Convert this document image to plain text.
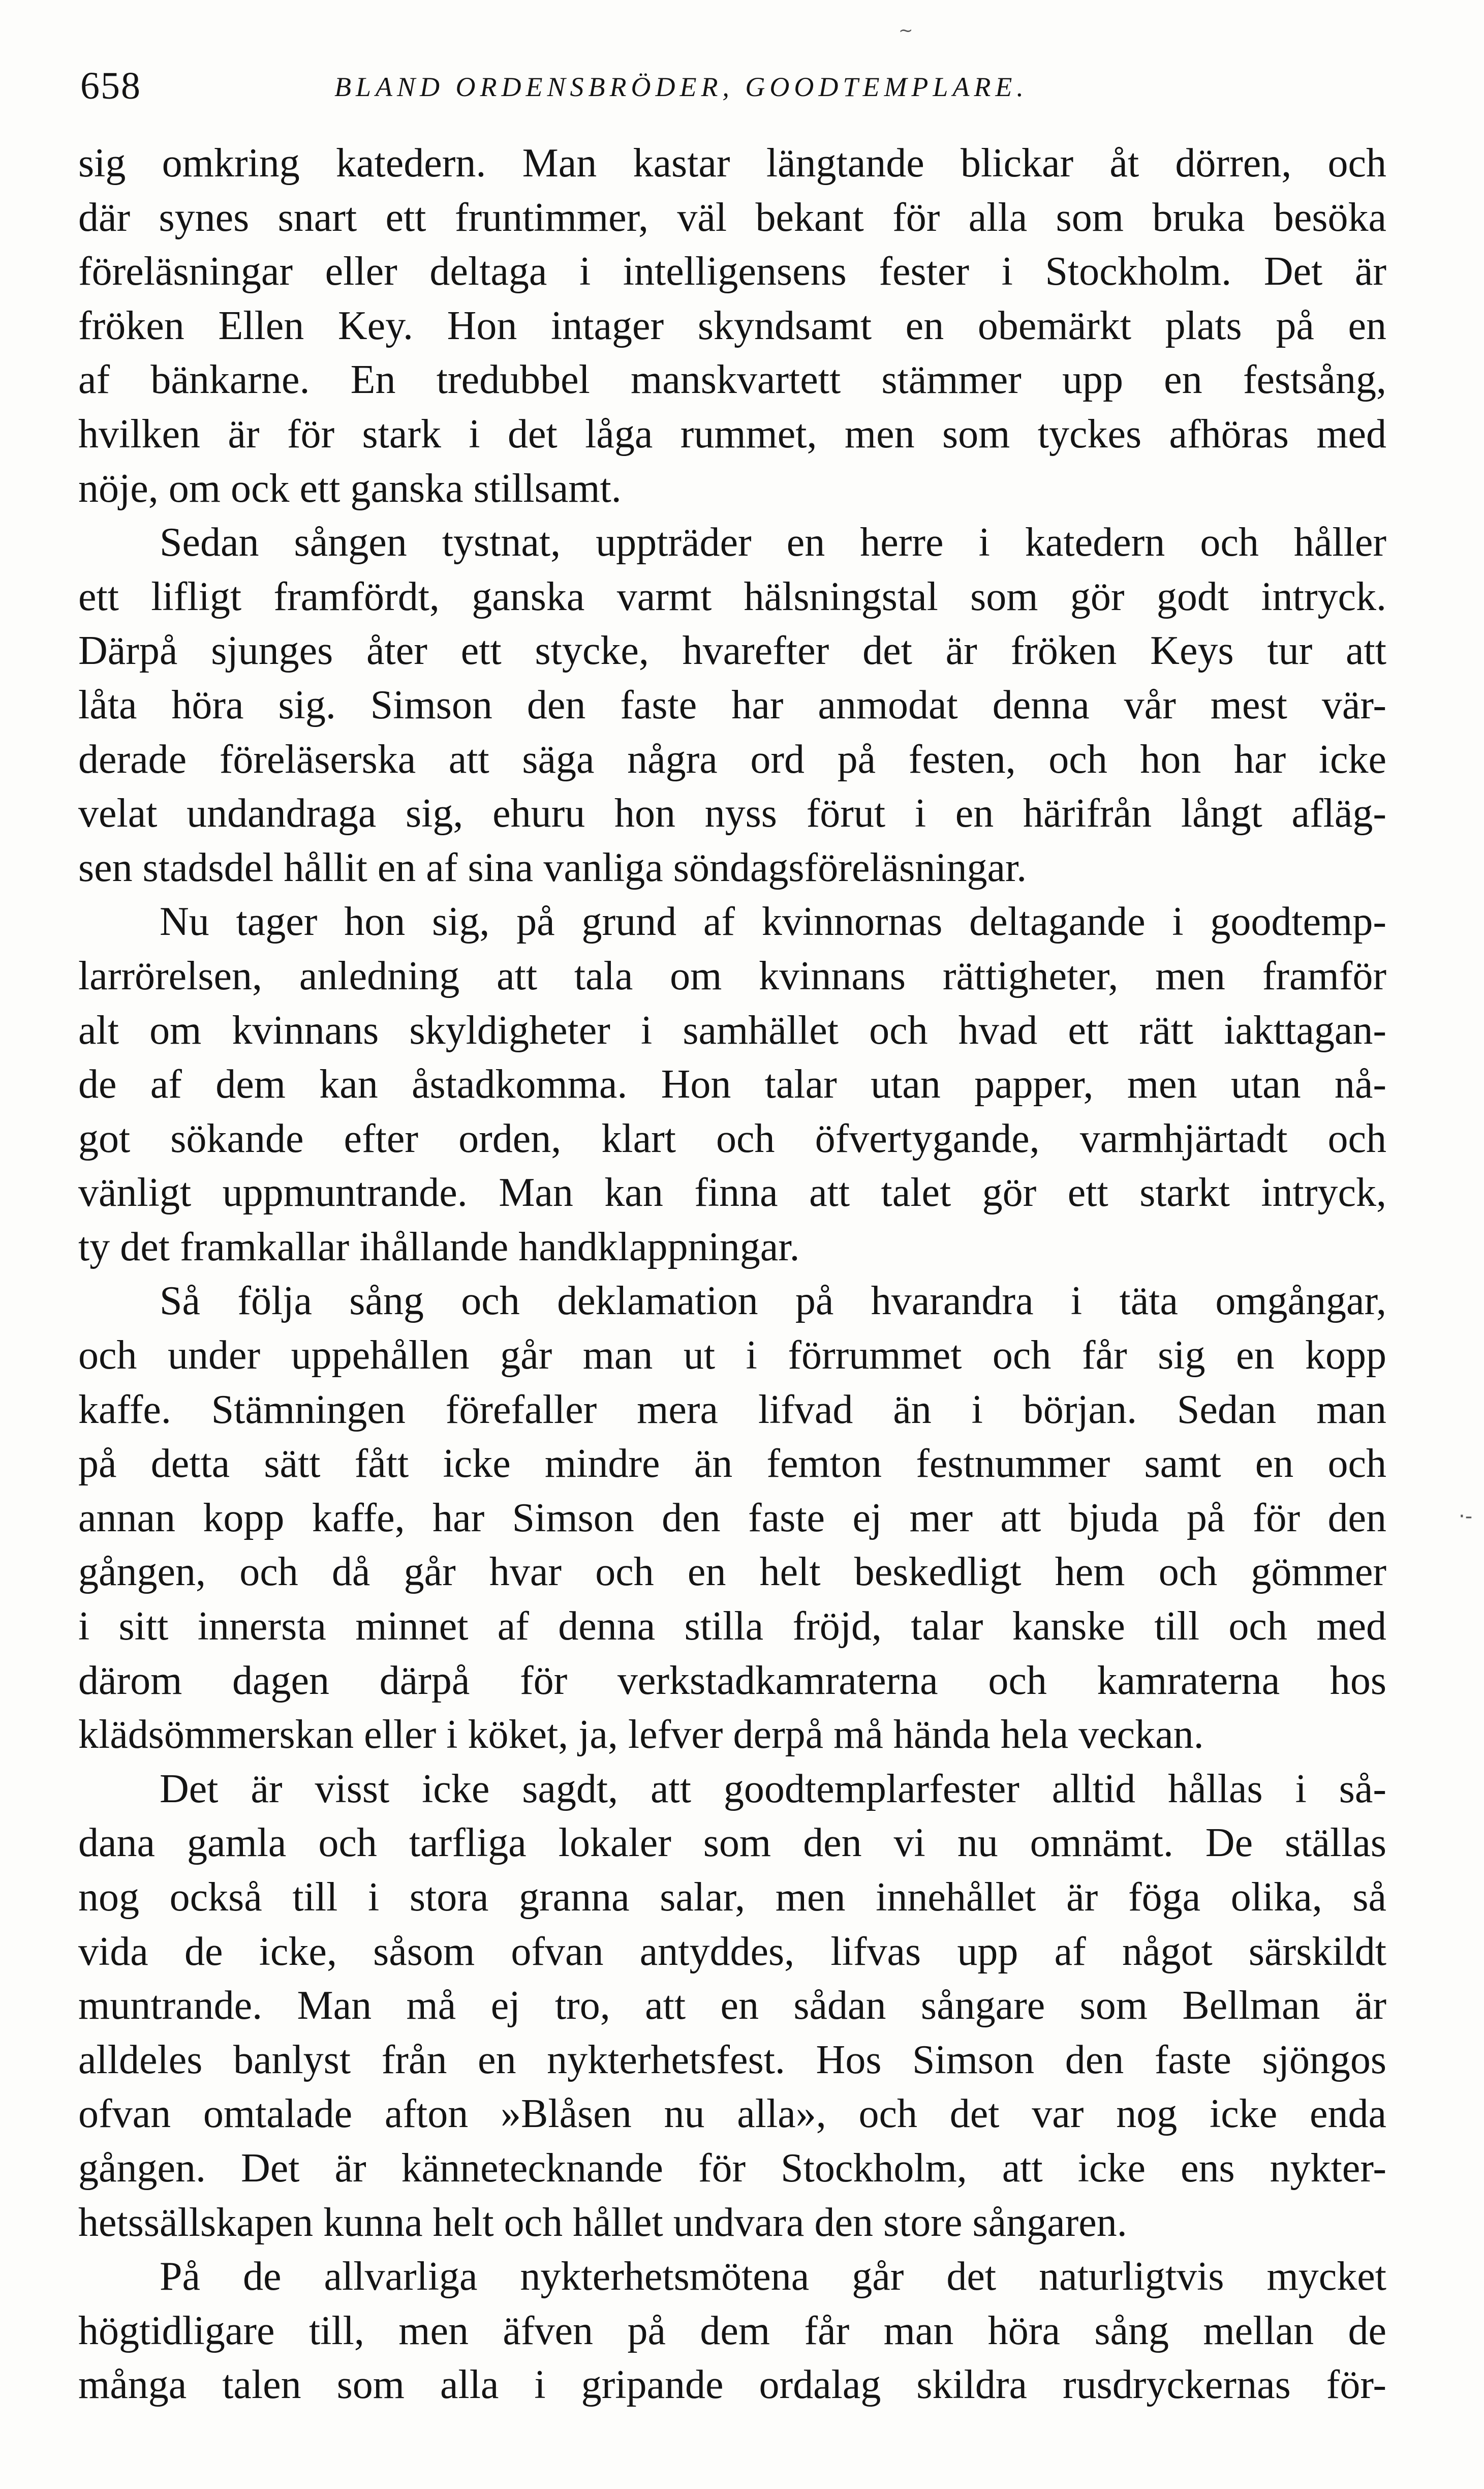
~
·-
658	BLAND ORDENSBRÖDER, GOODTEMPLARE.
sig omkring katedern. Man kastar längtande blickar åt dörren, och
där synes snart ett fruntimmer, väl bekant för alla som bruka besöka
föreläsningar eller deltaga i intelligensens fester i Stockholm. Det är
fröken Ellen Key. Hon intager skyndsamt en obemärkt plats på en
af bänkarne. En tredubbel manskvartett stämmer upp en festsång,
hvilken är för stark i det låga rummet, men som tyckes afhöras med
nöje, om ock ett ganska stillsamt.
Sedan sången tystnat, uppträder en herre i katedern och håller
ett lifligt framfördt, ganska varmt hälsningstal som gör godt intryck.
Därpå sjunges åter ett stycke, hvarefter det är fröken Keys tur att
låta höra sig. Simson den faste har anmodat denna vår mest vär-
derade föreläserska att säga några ord på festen, och hon har icke
velat undandraga sig, ehuru hon nyss förut i en härifrån långt afläg-
sen stadsdel hållit en af sina vanliga söndagsföreläsningar.
Nu tager hon sig, på grund af kvinnornas deltagande i goodtemp-
larrörelsen, anledning att tala om kvinnans rättigheter, men framför
alt om kvinnans skyldigheter i samhället och hvad ett rätt iakttagan-
de af dem kan åstadkomma. Hon talar utan papper, men utan nå-
got sökande efter orden, klart och öfvertygande, varmhjärtadt och
vänligt uppmuntrande. Man kan finna att talet gör ett starkt intryck,
ty det framkallar ihållande handklappningar.
Så följa sång och deklamation på hvarandra i täta omgångar,
och under uppehållen går man ut i förrummet och får sig en kopp
kaffe. Stämningen förefaller mera lifvad än i början. Sedan man
på detta sätt fått icke mindre än femton festnummer samt en och
annan kopp kaffe, har Simson den faste ej mer att bjuda på för den
gången, och då går hvar och en helt beskedligt hem och gömmer
i sitt innersta minnet af denna stilla fröjd, talar kanske till och med
därom dagen därpå för verkstadkamraterna och kamraterna hos
klädsömmerskan eller i köket, ja, lefver derpå må hända hela veckan.
Det är visst icke sagdt, att goodtemplarfester alltid hållas i så-
dana gamla och tarfliga lokaler som den vi nu omnämt. De ställas
nog också till i stora granna salar, men innehållet är föga olika, så
vida de icke, såsom ofvan antyddes, lifvas upp af något särskildt
muntrande. Man må ej tro, att en sådan sångare som Bellman är
alldeles banlyst från en nykterhetsfest. Hos Simson den faste sjöngos
ofvan omtalade afton »Blåsen nu alla», och det var nog icke enda
gången. Det är kännetecknande för Stockholm, att icke ens nykter-
hetssällskapen kunna helt och hållet undvara den store sångaren.
På de allvarliga nykterhetsmötena går det naturligtvis mycket
högtidligare till, men äfven på dem får man höra sång mellan de
många talen som alla i gripande ordalag skildra rusdryckernas för-
